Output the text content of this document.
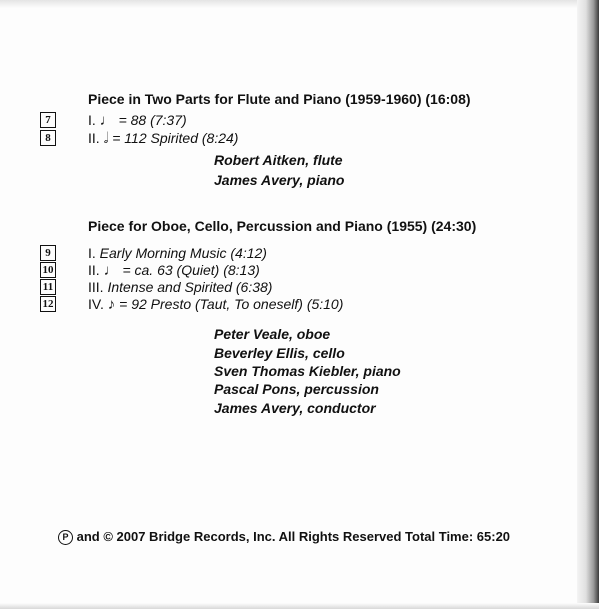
Piece in Two Parts for Flute and Piano (1959-1960) (16:08)
7	I. ♩ = 88 (7:37)
8	II. 𝅗𝅥 = 112 Spirited (8:24)
Robert Aitken, flute
James Avery, piano
Piece for Oboe, Cello, Percussion and Piano (1955) (24:30)
9	I. Early Morning Music (4:12)
10 II. ♩ = ca. 63 (Quiet) (8:13)
11 III. Intense and Spirited (6:38)
12 IV. ♪ = 92 Presto (Taut, To oneself) (5:10)
Peter Veale, oboe
Beverley Ellis, cello
Sven Thomas Kiebler, piano
Pascal Pons, percussion
James Avery, conductor
P and © 2007 Bridge Records, Inc. All Rights Reserved Total Time: 65:20
